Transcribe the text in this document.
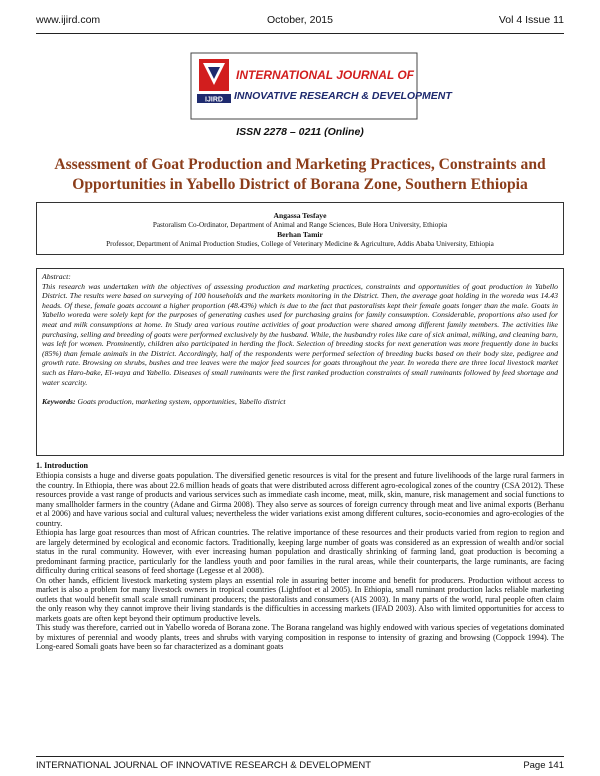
www.ijird.com	October, 2015	Vol 4 Issue 11
IJIRD
INTERNATIONAL JOURNAL OF
INNOVATIVE RESEARCH & DEVELOPMENT
ISSN 2278 – 0211 (Online)
Assessment of Goat Production and Marketing Practices, Constraints and
Opportunities in Yabello District of Borana Zone, Southern Ethiopia
Angassa Tesfaye
Pastoralism Co-Ordinator, Department of Animal and Range Sciences, Bule Hora University, Ethiopia
Berhan Tamir
Professor, Department of Animal Production Studies, College of Veterinary Medicine & Agriculture, Addis Ababa University, Ethiopia
Abstract:

This research was undertaken with the objectives of assessing production and marketing practices, constraints and opportunities of goat production in Yabello District. The results were based on surveying of 100 households and the markets monitoring in the District. Then, the average goat holding in the woreda was 14.43 heads. Of these, female goats account a higher proportion (48.43%) which is due to the fact that pastoralists kept their female goats longer than the male. Goats in Yabello woreda were solely kept for the purposes of generating cashes used for purchasing grains for family consumption. Considerable, proportions also used for meat and milk consumptions at home. In Study area various routine activities of goat production were shared among different family members. The activities like purchasing, selling and breeding of goats were performed exclusively by the husband. While, the husbandry roles like care of sick animal, milking, and cleaning barn, was left for women. Prominently, children also participated in herding the flock. Selection of breeding stocks for next generation was more frequently done in bucks (85%) than female animals in the District. Accordingly, half of the respondents were performed selection of breeding bucks based on their body size, pedigree and growth rate. Browsing on shrubs, bushes and tree leaves were the major feed sources for goats throughout the year. In woreda there are three local livestock market such as Haro-bake, El-waya and Yabello. Diseases of small ruminants were the first ranked production constraints of small ruminants followed by feed shortage and water scarcity.

Keywords: Goats production, marketing system, opportunities, Yabello district
1. Introduction

Ethiopia consists a huge and diverse goats population. The diversified genetic resources is vital for the present and future livelihoods of the large rural farmers in the country. In Ethiopia, there was about 22.6 million heads of goats that were distributed across different agro-ecological zones of the country (CSA 2012). These resources provide a vast range of products and various services such as immediate cash income, meat, milk, skin, manure, risk management and social functions to many smallholder farmers in the country (Adane and Girma 2008). They also serve as sources of foreign currency through meat and live animal exports (Berhanu et al 2006) and have various social and cultural values; nevertheless the wider variations exist among different cultures, socio-economies and agro-ecologies of the country.

Ethiopia has large goat resources than most of African countries. The relative importance of these resources and their products varied from region to region and are largely determined by ecological and economic factors. Traditionally, keeping large number of goats was considered as an expression of wealth and/or social status in the rural community. However, with ever increasing human population and drastically shrinking of farming land, goat production is becoming a predominant farming practice, particularly for the landless youth and poor families in the rural areas, while their counterparts, the large ruminants, are facing difficulty during critical seasons of feed shortage (Legesse et al 2008).

On other hands, efficient livestock marketing system plays an essential role in assuring better income and benefit for producers. Production without access to market is also a problem for many livestock owners in tropical countries (Lightfoot et al 2005). In Ethiopia, small ruminant production lacks reliable marketing outlets that would benefit small scale small ruminant producers; the pastoralists and consumers (AIS 2003). In many parts of the world, rural people often claim the only reason why they cannot improve their living standards is the difficulties in accessing markets (IFAD 2003). Also with limited opportunities for access to markets goats are often kept beyond their optimum productive levels.

This study was therefore, carried out in Yabello woreda of Borana zone. The Borana rangeland was highly endowed with various species of vegetations dominated by mixtures of perennial and woody plants, trees and shrubs with varying composition in response to intensity of grazing and browsing (Coppock 1994). The Long-eared Somali goats have been so far characterized as a dominant goats

INTERNATIONAL JOURNAL OF INNOVATIVE RESEARCH & DEVELOPMENT	Page 141
